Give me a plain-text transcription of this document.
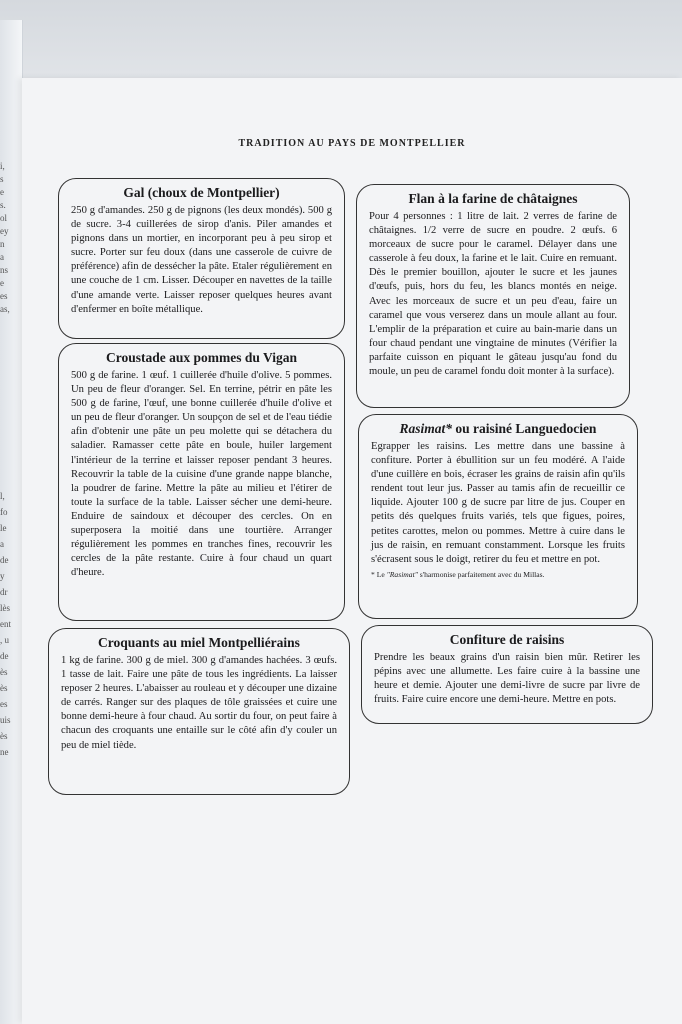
i,
s
e
s.
ol
ey
n
a
ns
e
es
as,
l,
fo
le
a
de
y
dr
lès
ent
, u
de
ès
ès
es
uis
ès
ne
TRADITION AU PAYS DE MONTPELLIER
Gal (choux de Montpellier)

250 g d'amandes. 250 g de pignons (les deux mondés). 500 g de sucre. 3-4 cuillerées de sirop d'anis. Piler amandes et pignons dans un mortier, en incorporant peu à peu sirop et sucre. Porter sur feu doux (dans une casserole de cuivre de préférence) afin de dessécher la pâte. Etaler régulièrement en une couche de 1 cm. Lisser. Découper en navettes de la taille d'une amande verte. Laisser reposer quelques heures avant d'enfermer en boîte métallique.

Croustade aux pommes du Vigan

500 g de farine. 1 œuf. 1 cuillerée d'huile d'olive. 5 pommes. Un peu de fleur d'oranger. Sel. En terrine, pétrir en pâte les 500 g de farine, l'œuf, une bonne cuillerée d'huile d'olive et un peu de fleur d'oranger. Un soupçon de sel et de l'eau tiédie afin d'obtenir une pâte un peu molette qui se détachera du saladier. Ramasser cette pâte en boule, huiler largement l'intérieur de la terrine et laisser reposer pendant 3 heures. Recouvrir la table de la cuisine d'une grande nappe blanche, la poudrer de farine. Mettre la pâte au milieu et l'étirer de toute la surface de la table. Laisser sécher une demi-heure. Enduire de saindoux et découper des cercles. On en superposera la moitié dans une tourtière. Arranger régulièrement les pommes en tranches fines, recouvrir les cercles de la pâte restante. Cuire à four chaud un quart d'heure.

Croquants au miel Montpelliérains

1 kg de farine. 300 g de miel. 300 g d'amandes hachées. 3 œufs. 1 tasse de lait. Faire une pâte de tous les ingrédients. La laisser reposer 2 heures. L'abaisser au rouleau et y découper une dizaine de carrés. Ranger sur des plaques de tôle graissées et cuire une bonne demi-heure à four chaud. Au sortir du four, on peut faire à chacun des croquants une entaille sur le côté afin d'y couler un peu de miel tiède.

Flan à la farine de châtaignes

Pour 4 personnes : 1 litre de lait. 2 verres de farine de châtaignes. 1/2 verre de sucre en poudre. 2 œufs. 6 morceaux de sucre pour le caramel. Délayer dans une casserole à feu doux, la farine et le lait. Cuire en remuant. Dès le premier bouillon, ajouter le sucre et les jaunes d'œufs, puis, hors du feu, les blancs montés en neige. Avec les morceaux de sucre et un peu d'eau, faire un caramel que vous verserez dans un moule allant au four. L'emplir de la préparation et cuire au bain-marie dans un four chaud pendant une vingtaine de minutes (Vérifier la parfaite cuisson en piquant le gâteau jusqu'au fond du moule, un peu de caramel fondu doit monter à la surface).

Rasimat* ou raisiné Languedocien

Egrapper les raisins. Les mettre dans une bassine à confiture. Porter à ébullition sur un feu modéré. A l'aide d'une cuillère en bois, écraser les grains de raisin afin qu'ils rendent tout leur jus. Passer au tamis afin de recueillir ce liquide. Ajouter 100 g de sucre par litre de jus. Couper en petits dés quelques fruits variés, tels que figues, poires, petites carottes, melon ou pommes. Mettre à cuire dans le jus de raisin, en remuant constamment. Lorsque les fruits s'écrasent sous le doigt, retirer du feu et mettre en pot.

* Le "Rasimat" s'harmonise parfaitement avec du Millas.
Confiture de raisins

Prendre les beaux grains d'un raisin bien mûr. Retirer les pépins avec une allumette. Les faire cuire à la bassine une heure et demie. Ajouter une demi-livre de sucre par livre de fruits. Faire cuire encore une demi-heure. Mettre en pots.
